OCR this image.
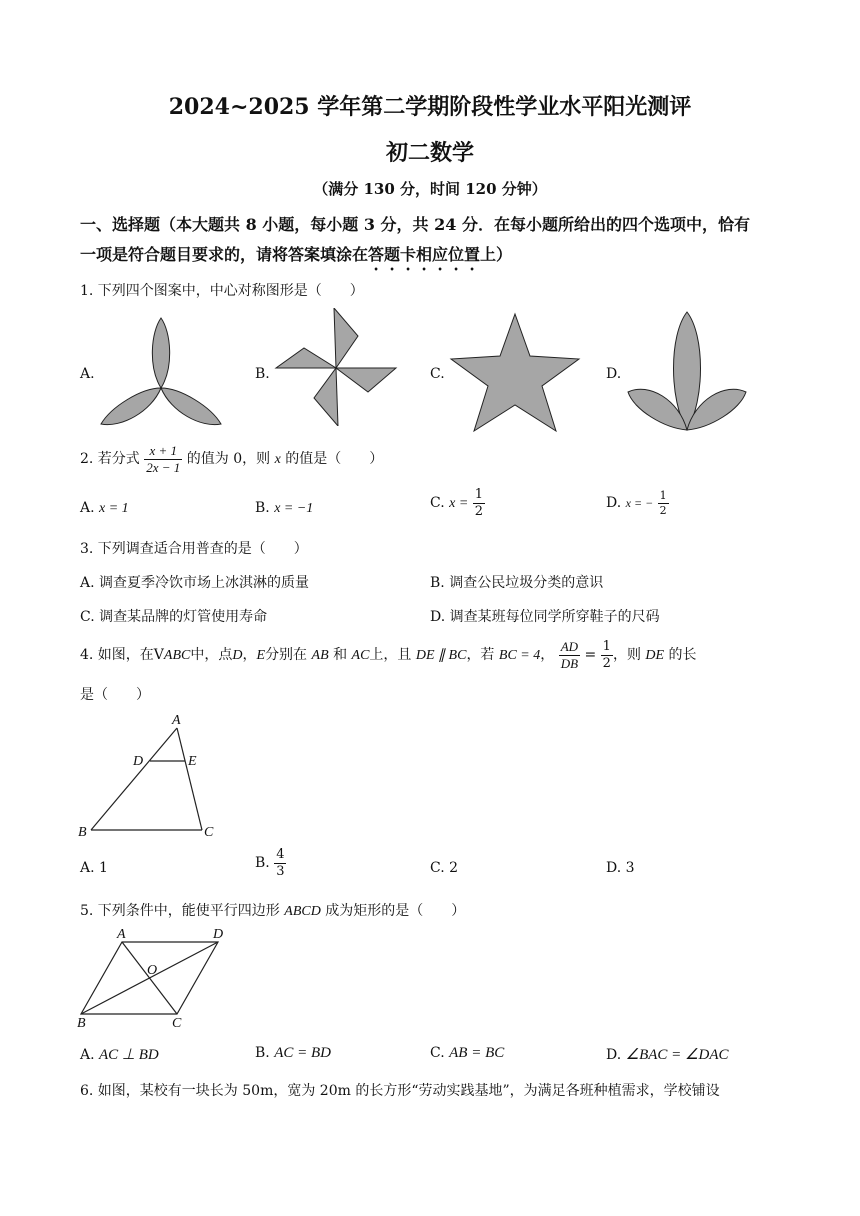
2024~2025 学年第二学期阶段性学业水平阳光测评
初二数学
（满分 130 分，时间 120 分钟）
一、选择题（本大题共 8 小题，每小题 3 分，共 24 分．在每小题所给出的四个选项中，恰有
一项是符合题目要求的，请将答案填涂在答题卡相应位置上）
1. 下列四个图案中，中心对称图形是（　　）
A.	B.	C.	D.
2. 若分式 $\frac{x + 1}{2x - 1}$ 的值为 0，则 x 的值是（　　）
A. x = 1	B. x = −1	C. $x = \frac{1}{2}$	D. x = − $\frac{1}{2}$
3. 下列调查适合用普查的是（　　）
A. 调查夏季冷饮市场上冰淇淋的质量	B. 调查公民垃圾分类的意识
C. 调查某品牌的灯管使用寿命	D. 调查某班每位同学所穿鞋子的尺码
4. 如图，在VABC中，点D，E分别在 AB 和 AC上，且 DE ∥ BC，若 BC = 4， $\frac{AD}{DB} = \frac{1}{2}$ ，则 DE 的长
是（　　）
A
D	E
B	C
A. 1	B. $\frac{4}{3}$	C. 2	D. 3
5. 下列条件中，能使平行四边形 ABCD 成为矩形的是（　　）
A	D
O
B	C
A. AC ⊥ BD	B. AC = BD	C. AB = BC	D. ∠BAC = ∠DAC
6. 如图，某校有一块长为 50m，宽为 20m 的长方形“劳动实践基地”，为满足各班种植需求，学校铺设
